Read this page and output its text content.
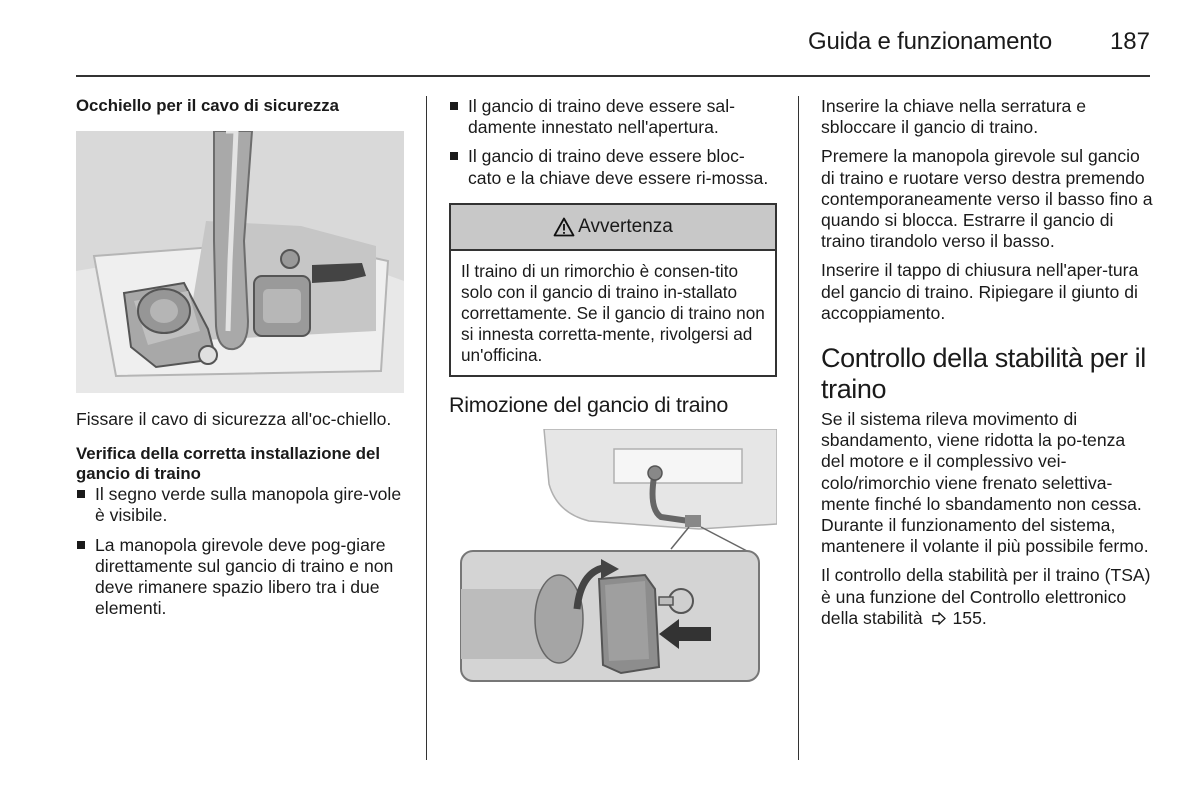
Guida e funzionamento 187
Occhiello per il cavo di sicurezza

Fissare il cavo di sicurezza all'oc-chiello.

Verifica della corretta installazione del gancio di traino
Il segno verde sulla manopola gire-vole è visibile.
La manopola girevole deve pog-giare direttamente sul gancio di traino e non deve rimanere spazio libero tra i due elementi.
Il gancio di traino deve essere sal-damente innestato nell'apertura.
Il gancio di traino deve essere bloc-cato e la chiave deve essere ri-mossa.
Avvertenza
Il traino di un rimorchio è consen-tito solo con il gancio di traino in-stallato correttamente. Se il gancio di traino non si innesta corretta-mente, rivolgersi ad un'officina.
Rimozione del gancio di traino

Inserire la chiave nella serratura e sbloccare il gancio di traino.

Premere la manopola girevole sul gancio di traino e ruotare verso destra premendo contemporaneamente verso il basso fino a quando si blocca. Estrarre il gancio di traino tirandolo verso il basso.

Inserire il tappo di chiusura nell'aper-tura del gancio di traino. Ripiegare il giunto di accoppiamento.

Controllo della stabilità per il traino

Se il sistema rileva movimento di sbandamento, viene ridotta la po-tenza del motore e il complessivo vei-colo/rimorchio viene frenato selettiva-mente finché lo sbandamento non cessa. Durante il funzionamento del sistema, mantenere il volante il più possibile fermo.

Il controllo della stabilità per il traino (TSA) è una funzione del Controllo elettronico della stabilità 155.
